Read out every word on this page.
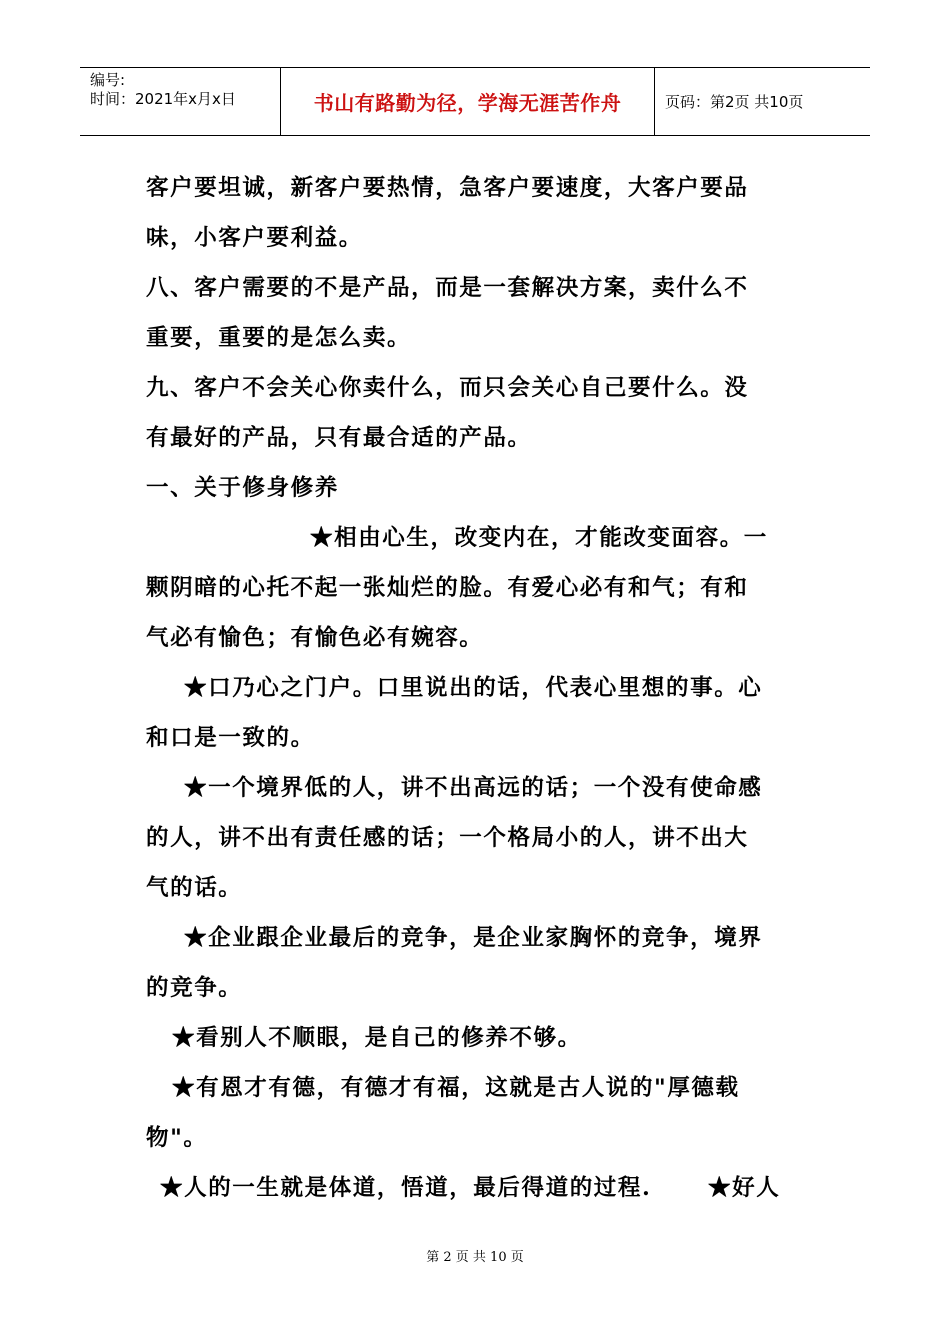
编号:
时间：2021年x月x日	书山有路勤为径，学海无涯苦作舟	页码：第2页 共10页
客户要坦诚，新客户要热情，急客户要速度，大客户要品
味，小客户要利益。
八、客户需要的不是产品，而是一套解决方案，卖什么不
重要，重要的是怎么卖。
九、客户不会关心你卖什么，而只会关心自己要什么。没
有最好的产品，只有最合适的产品。
一、关于修身修养
★相由心生，改变内在，才能改变面容。一
颗阴暗的心托不起一张灿烂的脸。有爱心必有和气；有和
气必有愉色；有愉色必有婉容。
★口乃心之门户。口里说出的话，代表心里想的事。心
和口是一致的。
★一个境界低的人，讲不出高远的话；一个没有使命感
的人，讲不出有责任感的话；一个格局小的人，讲不出大
气的话。
★企业跟企业最后的竞争，是企业家胸怀的竞争，境界
的竞争。
★看别人不顺眼，是自己的修养不够。
★有恩才有德，有德才有福，这就是古人说的"厚德载
物"。
★人的一生就是体道，悟道，最后得道的过程.      ★好人
第 2 页 共 10 页
